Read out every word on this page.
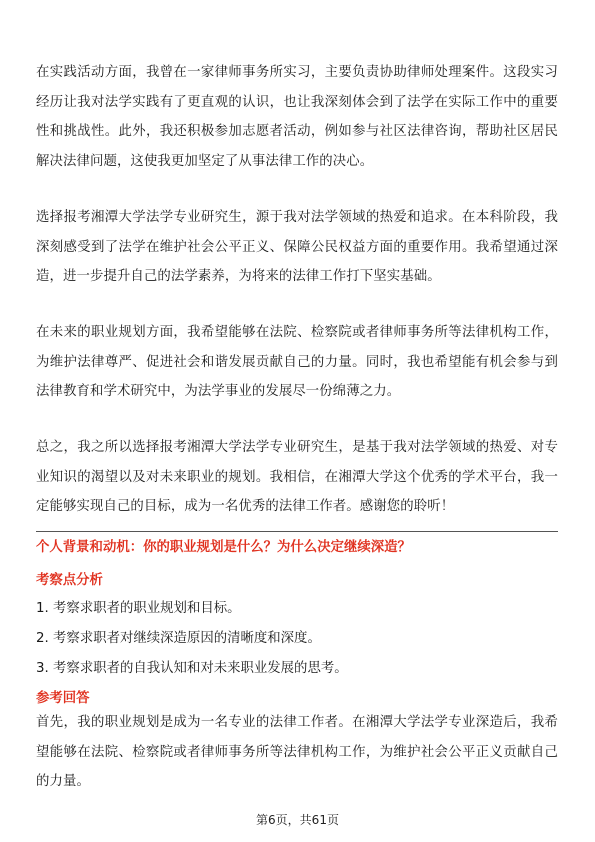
在实践活动方面，我曾在一家律师事务所实习，主要负责协助律师处理案件。这段实习经历让我对法学实践有了更直观的认识，也让我深刻体会到了法学在实际工作中的重要性和挑战性。此外，我还积极参加志愿者活动，例如参与社区法律咨询，帮助社区居民解决法律问题，这使我更加坚定了从事法律工作的决心。

选择报考湘潭大学法学专业研究生，源于我对法学领域的热爱和追求。在本科阶段，我深刻感受到了法学在维护社会公平正义、保障公民权益方面的重要作用。我希望通过深造，进一步提升自己的法学素养，为将来的法律工作打下坚实基础。

在未来的职业规划方面，我希望能够在法院、检察院或者律师事务所等法律机构工作，为维护法律尊严、促进社会和谐发展贡献自己的力量。同时，我也希望能有机会参与到法律教育和学术研究中，为法学事业的发展尽一份绵薄之力。

总之，我之所以选择报考湘潭大学法学专业研究生，是基于我对法学领域的热爱、对专业知识的渴望以及对未来职业的规划。我相信，在湘潭大学这个优秀的学术平台，我一定能够实现自己的目标，成为一名优秀的法律工作者。感谢您的聆听！

个人背景和动机：你的职业规划是什么？为什么决定继续深造？
考察点分析
1. 考察求职者的职业规划和目标。
2. 考察求职者对继续深造原因的清晰度和深度。
3. 考察求职者的自我认知和对未来职业发展的思考。
参考回答

首先，我的职业规划是成为一名专业的法律工作者。在湘潭大学法学专业深造后，我希望能够在法院、检察院或者律师事务所等法律机构工作，为维护社会公平正义贡献自己的力量。

第6页，共61页
